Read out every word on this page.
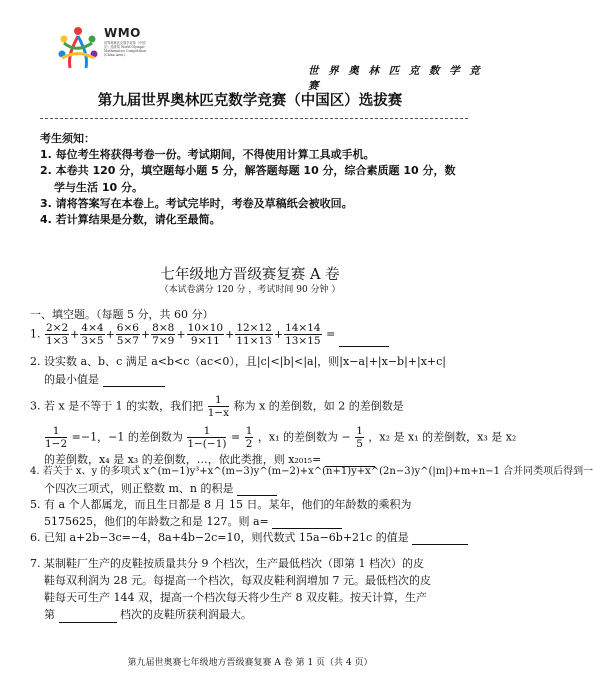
WMO
世界奥林匹克数学竞赛（中国区）选拔赛 World Olympic Mathematics Competition (China Area)
世 界 奥 林 匹 克 数 学 竞 赛
第九届世界奥林匹克数学竞赛（中国区）选拔赛
考生须知：
1. 每位考生将获得考卷一份。考试期间，不得使用计算工具或手机。
2. 本卷共 120 分，填空题每小题 5 分，解答题每题 10 分，综合素质题 10 分，数
学与生活 10 分。
3. 请将答案写在本卷上。考试完毕时，考卷及草稿纸会被收回。
4. 若计算结果是分数，请化至最简。
七年级地方晋级赛复赛 A 卷
（本试卷满分 120 分 ，考试时间 90 分钟 ）
一、填空题。（每题 5 分，共 60 分）
1. $\frac{2\times 2}{1\times 3} + \frac{4\times 4}{3\times 5} + \frac{6\times 6}{5\times 7} + \frac{8\times 8}{7\times 9} + \frac{10\times 10}{9\times 11} + \frac{12\times 12}{11\times 13} + \frac{14\times 14}{13\times 15}$ =
2. 设实数 a、b、c 满足 a<b<c（ac<0），且|c|<|b|<|a|，则|x−a|+|x−b|+|x+c|
的最小值是
3. 若 x 是不等于 1 的实数，我们把 $\frac{1}{1-x}$ 称为 x 的差倒数，如 2 的差倒数是
$\frac{1}{1-2} =-1$，−1 的差倒数为 $\frac{1}{1-(-1)} = \frac{1}{2}$ ，x₁ 的差倒数为 − $\frac{1}{5}$ ，x₂ 是 x₁ 的差倒数，x₃ 是 x₂
的差倒数，x₄ 是 x₃ 的差倒数，…，依此类推，则 x₂₀₁₅=
4. 若关于 x、y 的多项式 x^(m−1)y³+x^(m−3)y^(m−2)+x^(n+1)y+x^(2n−3)y^(|m|)+m+n−1 合并同类项后得到一
个四次三项式，则正整数 m、n 的积是
5. 有 a 个人都属龙，而且生日都是 8 月 15 日。某年，他们的年龄数的乘积为
5175625，他们的年龄数之和是 127。则 a=
6. 已知 a+2b−3c=−4，8a+4b−2c=10，则代数式 15a−6b+21c 的值是
7. 某制鞋厂生产的皮鞋按质量共分 9 个档次，生产最低档次（即第 1 档次）的皮
鞋每双利润为 28 元。每提高一个档次，每双皮鞋利润增加 7 元。最低档次的皮
鞋每天可生产 144 双，提高一个档次每天将少生产 8 双皮鞋。按天计算，生产
第	档次的皮鞋所获利润最大。
第九届世奥赛七年级地方晋级赛复赛 A 卷 第 1 页（共 4 页）
